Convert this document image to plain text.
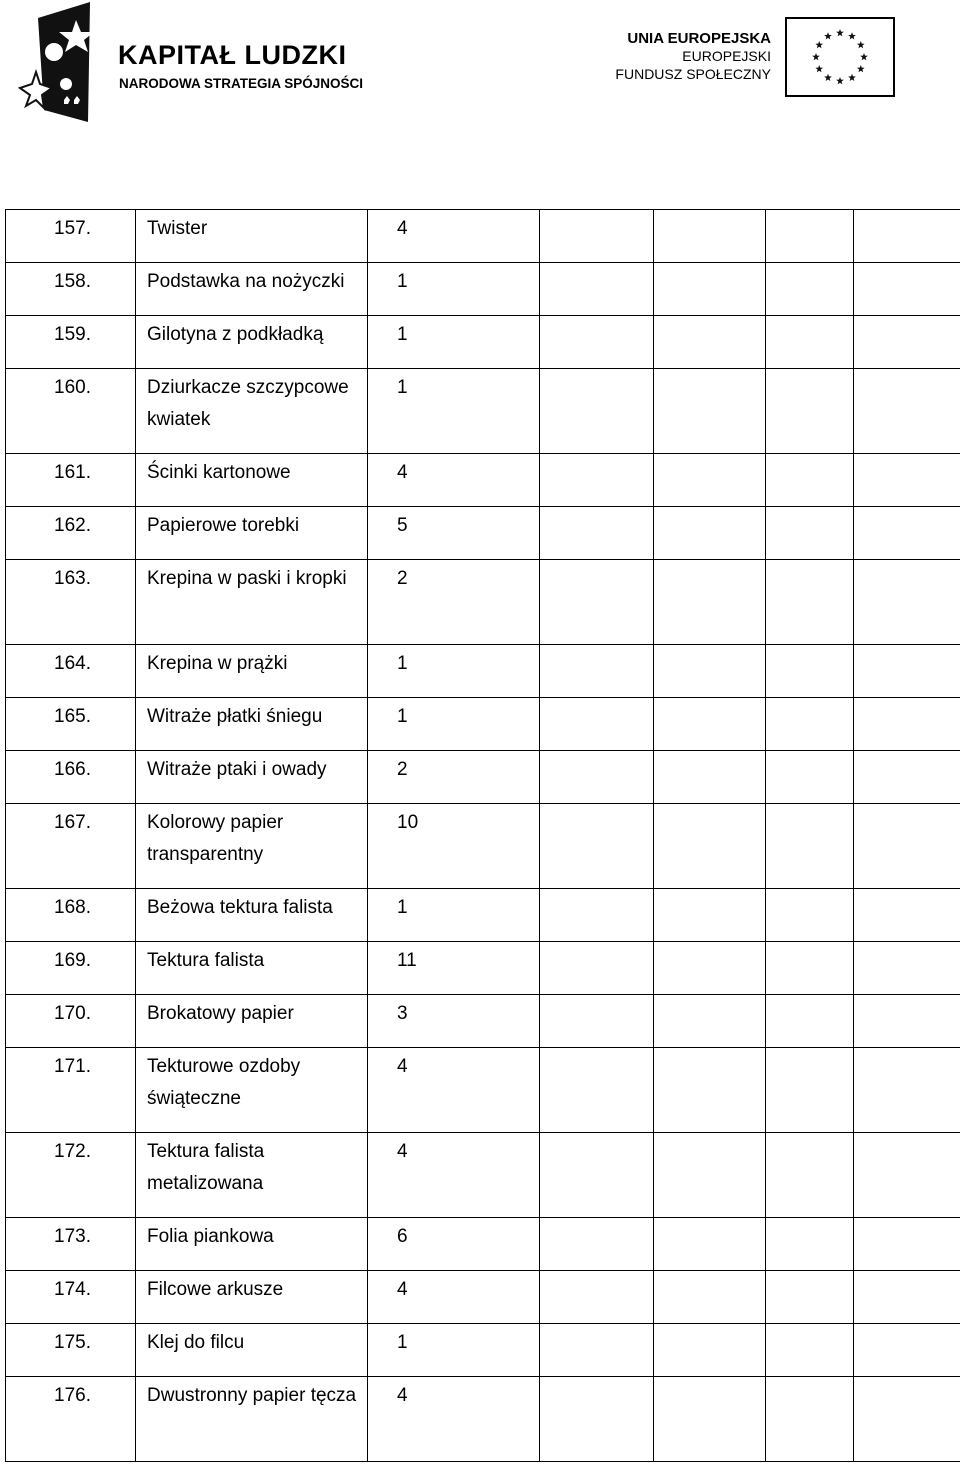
KAPITAŁ LUDZKI
NARODOWA STRATEGIA SPÓJNOŚCI
UNIA EUROPEJSKA
EUROPEJSKI
FUNDUSZ SPOŁECZNY
157.	Twister	4				
158.	Podstawka na nożyczki	1				
159.	Gilotyna z podkładką	1				
160.	Dziurkacze szczypcowe kwiatek	1				
161.	Ścinki kartonowe	4				
162.	Papierowe torebki	5				
163.	Krepina w paski i kropki	2				
164.	Krepina w prążki	1				
165.	Witraże płatki śniegu	1				
166.	Witraże ptaki i owady	2				
167.	Kolorowy papier transparentny	10				
168.	Beżowa tektura falista	1				
169.	Tektura falista	11				
170.	Brokatowy papier	3				
171.	Tekturowe ozdoby świąteczne	4				
172.	Tektura falista metalizowana	4				
173.	Folia piankowa	6				
174.	Filcowe arkusze	4				
175.	Klej do filcu	1				
176.	Dwustronny papier tęcza	4				
